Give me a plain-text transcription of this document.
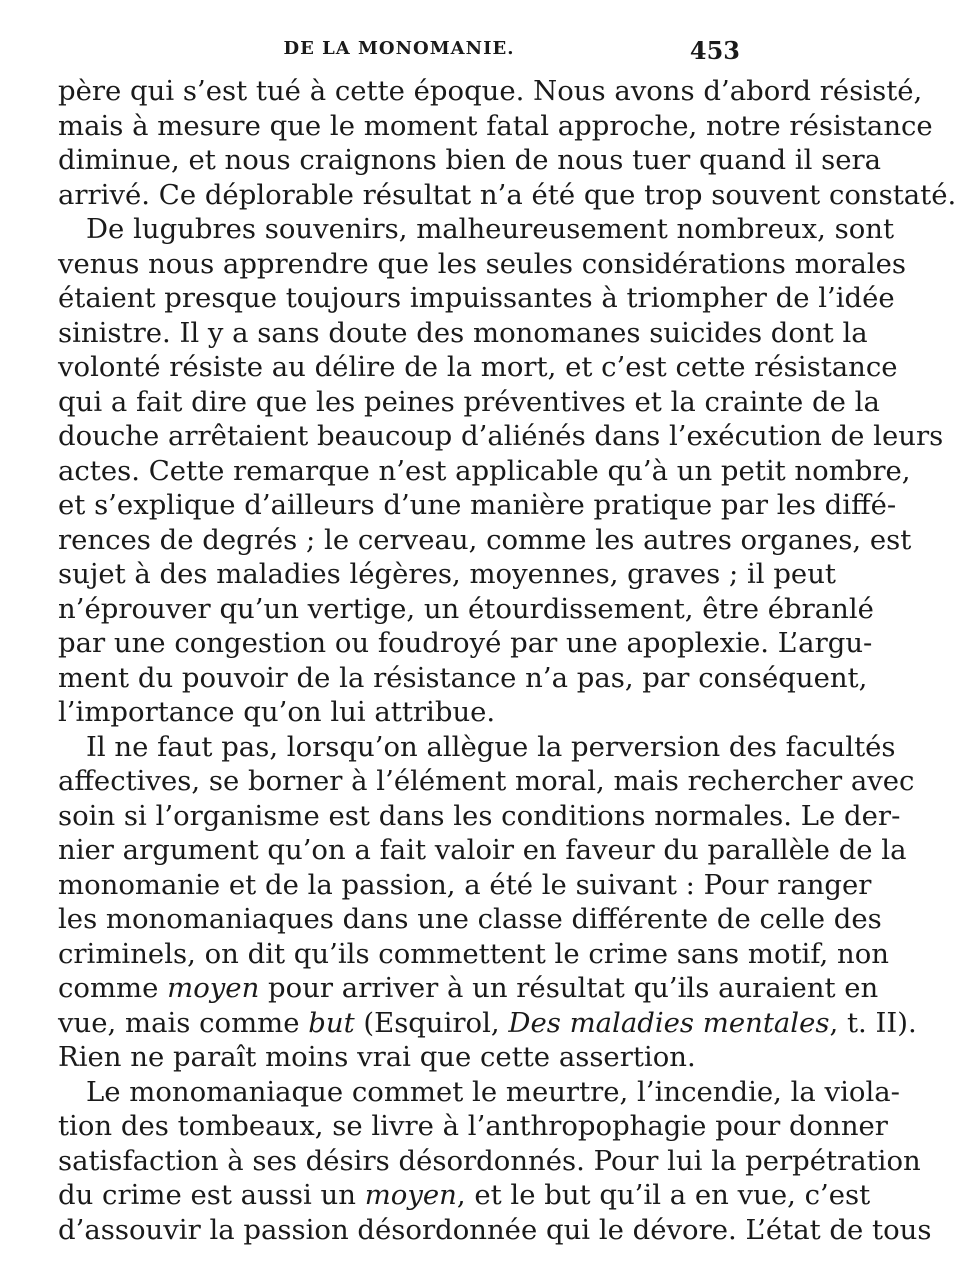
DE LA MONOMANIE.	453
père qui s’est tué à cette époque. Nous avons d’abord résisté,
mais à mesure que le moment fatal approche, notre résistance
diminue, et nous craignons bien de nous tuer quand il sera
arrivé. Ce déplorable résultat n’a été que trop souvent constaté.
De lugubres souvenirs, malheureusement nombreux, sont
venus nous apprendre que les seules considérations morales
étaient presque toujours impuissantes à triompher de l’idée
sinistre. Il y a sans doute des monomanes suicides dont la
volonté résiste au délire de la mort, et c’est cette résistance
qui a fait dire que les peines préventives et la crainte de la
douche arrêtaient beaucoup d’aliénés dans l’exécution de leurs
actes. Cette remarque n’est applicable qu’à un petit nombre,
et s’explique d’ailleurs d’une manière pratique par les diffé-
rences de degrés ; le cerveau, comme les autres organes, est
sujet à des maladies légères, moyennes, graves ; il peut
n’éprouver qu’un vertige, un étourdissement, être ébranlé
par une congestion ou foudroyé par une apoplexie. L’argu-
ment du pouvoir de la résistance n’a pas, par conséquent,
l’importance qu’on lui attribue.
Il ne faut pas, lorsqu’on allègue la perversion des facultés
affectives, se borner à l’élément moral, mais rechercher avec
soin si l’organisme est dans les conditions normales. Le der-
nier argument qu’on a fait valoir en faveur du parallèle de la
monomanie et de la passion, a été le suivant : Pour ranger
les monomaniaques dans une classe différente de celle des
criminels, on dit qu’ils commettent le crime sans motif, non
comme moyen pour arriver à un résultat qu’ils auraient en
vue, mais comme but (Esquirol, Des maladies mentales, t. II).
Rien ne paraît moins vrai que cette assertion.
Le monomaniaque commet le meurtre, l’incendie, la viola-
tion des tombeaux, se livre à l’anthropophagie pour donner
satisfaction à ses désirs désordonnés. Pour lui la perpétration
du crime est aussi un moyen, et le but qu’il a en vue, c’est
d’assouvir la passion désordonnée qui le dévore. L’état de tous
